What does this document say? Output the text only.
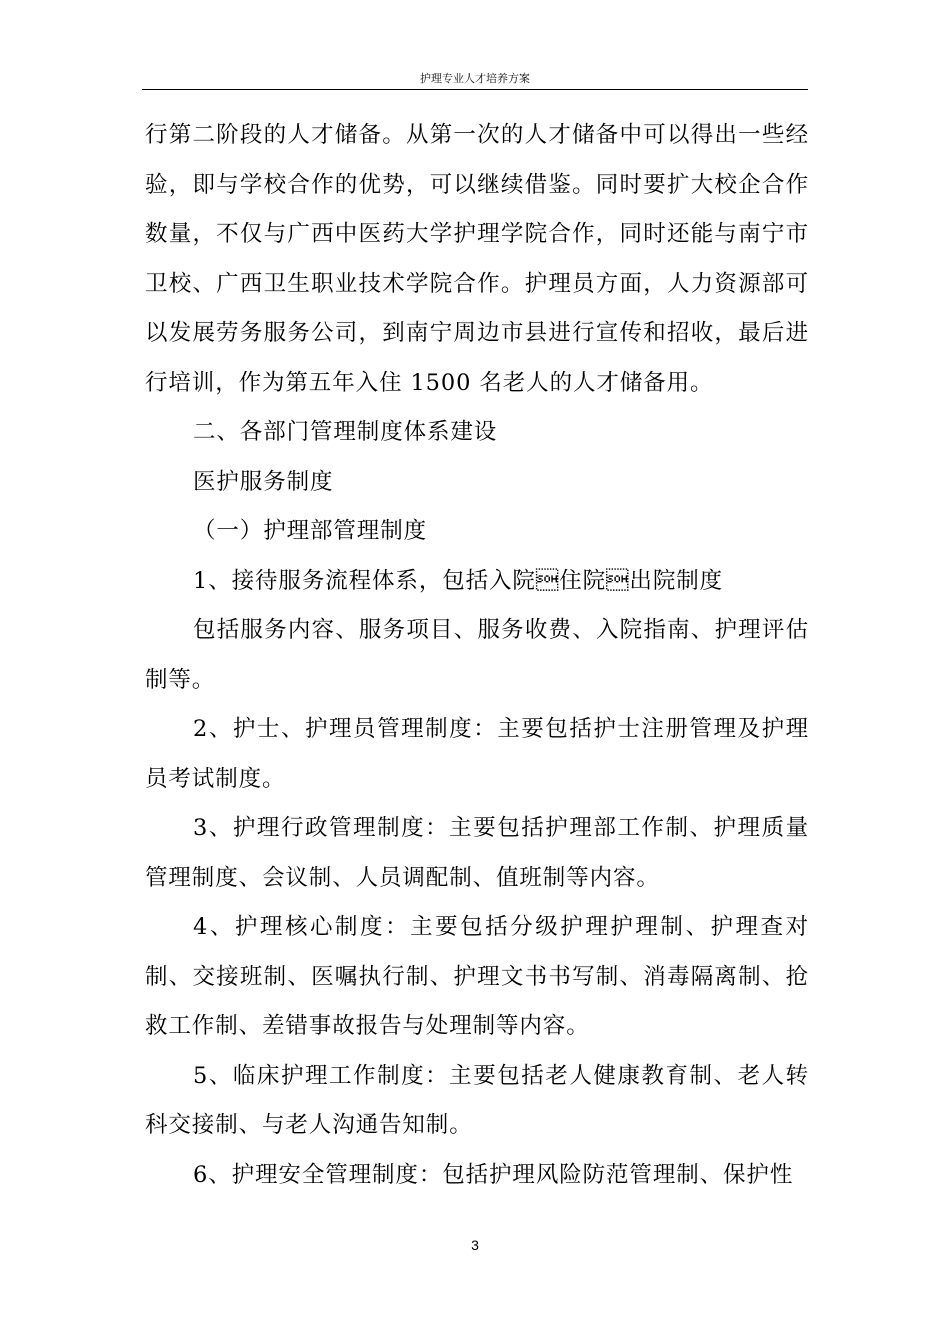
护理专业人才培养方案

行第二阶段的人才储备。从第一次的人才储备中可以得出一些经验，即与学校合作的优势，可以继续借鉴。同时要扩大校企合作数量，不仅与广西中医药大学护理学院合作，同时还能与南宁市卫校、广西卫生职业技术学院合作。护理员方面，人力资源部可以发展劳务服务公司，到南宁周边市县进行宣传和招收，最后进行培训，作为第五年入住 1500 名老人的人才储备用。

二、各部门管理制度体系建设

医护服务制度

（一）护理部管理制度

1、接待服务流程体系，包括入院住院出院制度

包括服务内容、服务项目、服务收费、入院指南、护理评估制等。

2、护士、护理员管理制度：主要包括护士注册管理及护理员考试制度。

3、护理行政管理制度：主要包括护理部工作制、护理质量管理制度、会议制、人员调配制、值班制等内容。

4、护理核心制度：主要包括分级护理护理制、护理查对制、交接班制、医嘱执行制、护理文书书写制、消毒隔离制、抢救工作制、差错事故报告与处理制等内容。

5、临床护理工作制度：主要包括老人健康教育制、老人转科交接制、与老人沟通告知制。

6、护理安全管理制度：包括护理风险防范管理制、保护性

3
